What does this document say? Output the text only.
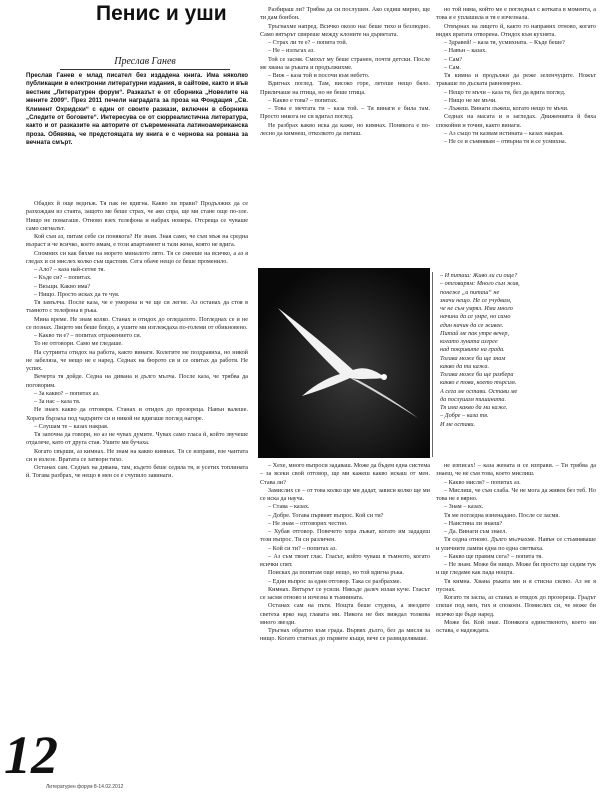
Пенис и уши
Преслав Ганев
Преслав Ганев е млад писател без издадена книга. Има няколко публикации в електронни литературни издания, в сайтове, както и във вестник „Литературен форум“. Разказът е от сборника „Новелите на жените 2009“. През 2011 печели наградата за проза на Фондация „Св. Климент Охридски“ с един от своите разкази, включен в сборника „Следите от боговете“. Интересува се от сюрреалистична литература, както и от разказите на авторите от съвременната латиноамериканска проза. Обявява, че предстоящата му книга е с чернова на романа за вечната смърт.

Обадих й още веднъж. Тя пак не вдигна. Какво ли прави? Продължих да се разхождам из стаята, защото ме беше страх, че ако спра, ще ми стане още по-зле. Нищо не помагаше. Отново взех телефона и набрах номера. Отсреща се чуваше само сигналът.

Кой съм аз, питам себе си понякога? Не знам. Зная само, че съм мъж на средна възраст и че всичко, което имам, е този апартамент и тази жена, която не вдига.

Спомних си как бяхме на морето миналото лято. Тя се смееше на всичко, а аз я гледах и си мислех колко съм щастлив. Сега обаче нещо се беше променило.

– Ало? – каза най-сетне тя.

– Къде си? – попитах.

– Вкъщи. Какво има?

– Нищо. Просто исках да те чуя.

Тя замълча. После каза, че е уморена и че ще си легне. Аз останах да стоя в тъмното с телефона в ръка.

Мина време. Не знам колко. Станах и отидох до огледалото. Погледнах се и не се познах. Лицето ми беше бледо, а ушите ми изглеждаха по-големи от обикновено.

– Какво ти е? – попитах отражението си.

То не отговори. Само ме гледаше.

На сутринта отидох на работа, както винаги. Колегите ме поздравиха, но никой не забеляза, че нещо не е наред. Седнах на бюрото си и се опитах да работя. Не успях.

Вечерта тя дойде. Седна на дивана и дълго мълча. После каза, че трябва да поговорим.

– За какво? – попитах аз.

– За нас – каза тя.

Не знаех какво да отговоря. Станах и отидох до прозореца. Навън валеше. Хората бързаха под чадърите си и никой не вдигаше поглед нагоре.

– Слушам те – казах накрая.

Тя започна да говори, но аз не чувах думите. Чувах само гласа й, който звучеше отдалече, като от друга стая. Ушите ми бучаха.

Когато свърши, аз кимнах. Не знам на какво кимнах. Тя се изправи, взе чантата си и излезе. Вратата се затвори тихо.

Останах сам. Седнах на дивана, там, където беше седяла тя, и усетих топлината й. Тогава разбрах, че нещо в мен се е счупило завинаги.

Разбираш ли? Трябва да си послушен. Ако седиш мирно, ще ти дам бонбон.

Тръгнахме напред. Всичко около нас беше тихо и безлюдно. Само вятърът свиреше между клоните на дърветата.

– Страх ли те е? – попита той.

– Не – излъгах аз.

Той се засмя. Смехът му беше странен, почти детски. После ме хвана за ръката и продължихме.

– Виж – каза той и посочи към небето.

Вдигнах поглед. Там, високо горе, летеше нещо бяло. Приличаше на птица, но не беше птица.

– Какво е това? – попитах.

– Това е мечтата ти – каза той. – Тя винаги е била там. Просто никога не си вдигал поглед.

Не разбрах какво иска да каже, но кимнах. Понякога е по-лесно да кимнеш, отколкото да питаш.

– Хехе, много въпроси задаваш. Може да бъдем една система – за всеки свой отговор, ще ми кажеш какво искаш от мен. Става ли?

Замислих се – от това колко ще ми дадат, зависи колко ще ми се иска да науча.

– Става – казах.

– Добре. Тогава първият въпрос. Кой си ти?

– Не знам – отговорих честно.

– Хубав отговор. Повечето хора лъжат, когато им зададеш този въпрос. Ти си различен.

– Кой си ти? – попитах аз.

– Аз съм твоят глас. Гласът, който чуваш в тъмното, когато всички спят.

Поисках да попитам още нещо, но той вдигна ръка.

– Един въпрос за един отговор. Така се разбрахме.

Кимнах. Вятърът се усили. Някъде далеч излая куче. Гласът се засмя отново и изчезна в тъмнината.

Останах сам на пътя. Нощта беше студена, а звездите светеха ярко над главата ми. Никога не бях виждал толкова много звезди.

Тръгнах обратно към града. Вървях дълго, без да мисля за нищо. Когато стигнах до първите къщи, вече се развиделяваше.

но той няма, който ме е погледнал с котката в момента, а това я е уплашила и тя е изчезнала.

Отвърнах на лицето й, както го направих отново, когато видях вратата отворена. Отидох към кухнята.

– Здравей! – каза тя, усмихната. – Къде беше?

– Навън – казах.

– Сам?

– Сам.

Тя кимна и продължи да реже зеленчуците. Ножът тракаше по дъската равномерно.

– Нещо те мъчи – каза тя, без да вдига поглед.

– Нищо не ме мъчи.

– Лъжеш. Винаги лъжеш, когато нещо те мъчи.

Седнах на масата и я загледах. Движенията й бяха спокойни и точни, както винаги.

– Аз също ти казвам истината – казах накрая.

– Не се и съмнявам – отвърна тя и се усмихна.

– И питаш: Живо ли си още?

– отговарям: Много съм жив,

понеже „и питаш“ не

значи нещо. Не се учудвам,

че не съм умрял. Има много

начини да се умре, но само

един начин да се живее.

Питай ме пак утре вечер,

когато луната изгрее

над покривите на града.

Тогава може би ще знам

какво да ти кажа.

Тогава може би ще разбера

какво е това, което търсим.

А сега ме остави. Остави ме

да послушам тишината.

Тя има какво да ми каже.

– Добре – каза тя.

И ме остави.

не изписах! – каза жената и се изправи. – Ти трябва да знаеш, че не съм това, което мислиш.

– Какво мисля? – попитах аз.

– Мислиш, че съм слаба. Че не мога да живея без теб. Но това не е вярно.

– Знам – казах.

Тя ме погледна изненадано. После се засмя.

– Наистина ли знаеш?

– Да. Винаги съм знаел.

Тя седна отново. Дълго мълчахме. Навън се стъмняваше и уличните лампи една по една светваха.

– Какво ще правим сега? – попита тя.

– Не знам. Може би нищо. Може би просто ще седим тук и ще гледаме как пада нощта.

Тя кимна. Хвана ръката ми и я стисна силно. Аз не я пуснах.

Когато тя заспа, аз станах и отидох до прозореца. Градът спеше под мен, тих и спокоен. Помислих си, че може би всичко ще бъде наред.

Може би. Кой знае. Понякога единственото, което ни остава, е надеждата.

12
Литературен форум 8-14.02.2012
